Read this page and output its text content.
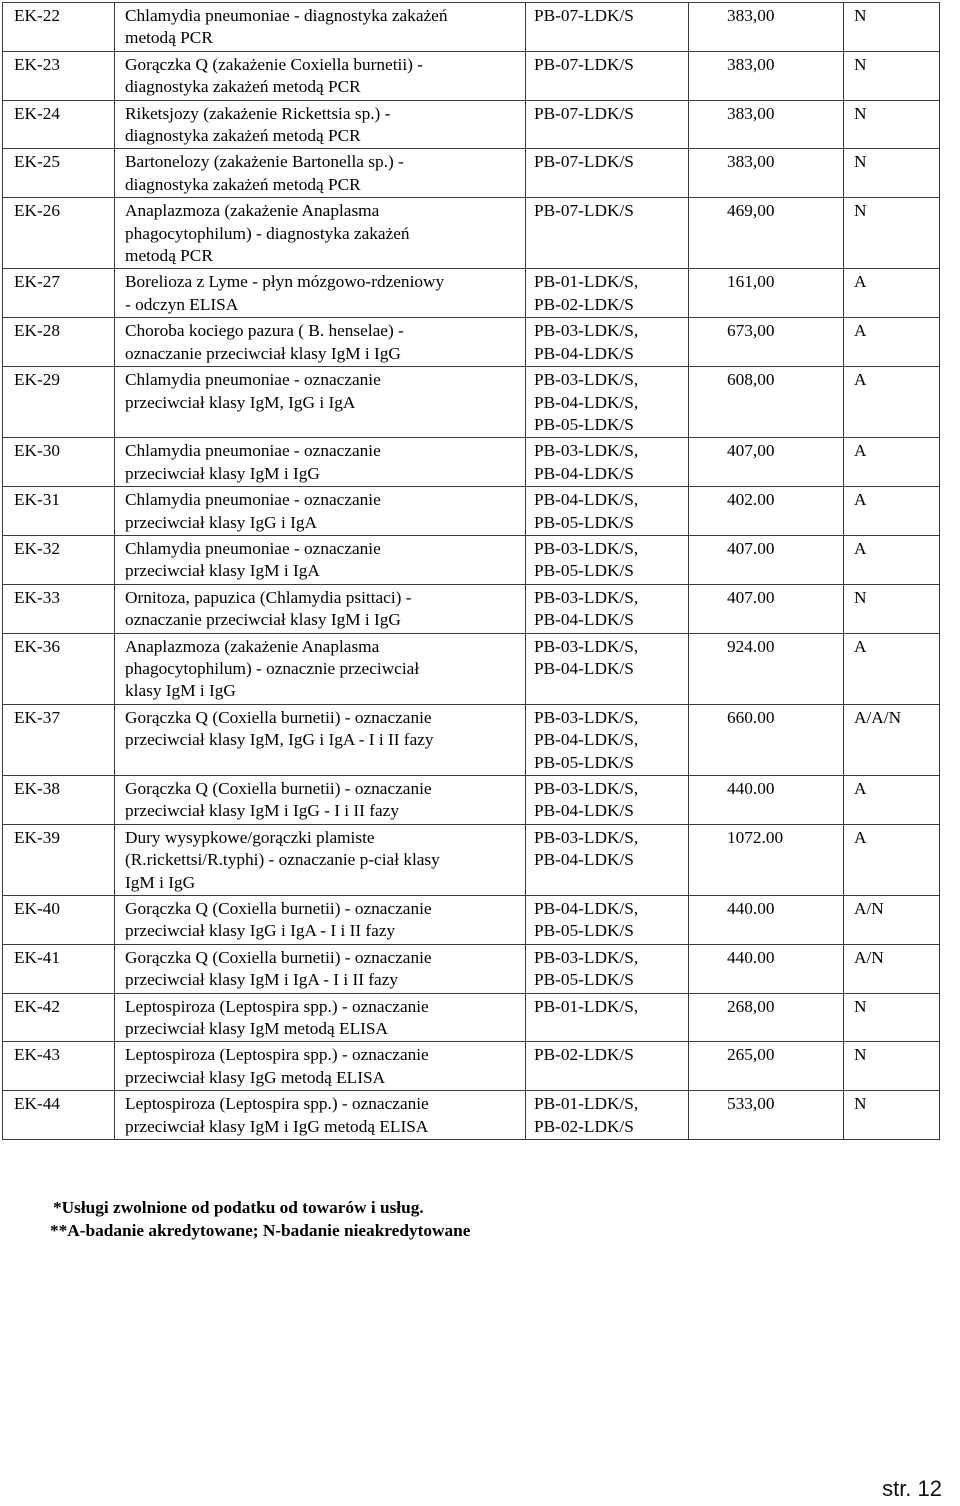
EK-22	Chlamydia pneumoniae - diagnostyka zakażeń
metodą PCR	PB-07-LDK/S	383,00	N
EK-23	Gorączka Q (zakażenie Coxiella burnetii) -
diagnostyka zakażeń metodą PCR	PB-07-LDK/S	383,00	N
EK-24	Riketsjozy (zakażenie Rickettsia sp.) -
diagnostyka zakażeń metodą PCR	PB-07-LDK/S	383,00	N
EK-25	Bartonelozy (zakażenie Bartonella sp.) -
diagnostyka zakażeń metodą PCR	PB-07-LDK/S	383,00	N
EK-26	Anaplazmoza (zakażenie Anaplasma
phagocytophilum) - diagnostyka zakażeń
metodą PCR	PB-07-LDK/S	469,00	N
EK-27	Borelioza z Lyme - płyn mózgowo-rdzeniowy
- odczyn ELISA	PB-01-LDK/S,
PB-02-LDK/S	161,00	A
EK-28	Choroba kociego pazura ( B. henselae) -
oznaczanie przeciwciał klasy IgM i IgG	PB-03-LDK/S,
PB-04-LDK/S	673,00	A
EK-29	Chlamydia pneumoniae - oznaczanie
przeciwciał klasy IgM, IgG i IgA	PB-03-LDK/S,
PB-04-LDK/S,
PB-05-LDK/S	608,00	A
EK-30	Chlamydia pneumoniae - oznaczanie
przeciwciał klasy IgM i IgG	PB-03-LDK/S,
PB-04-LDK/S	407,00	A
EK-31	Chlamydia pneumoniae - oznaczanie
przeciwciał klasy IgG i IgA	PB-04-LDK/S,
PB-05-LDK/S	402.00	A
EK-32	Chlamydia pneumoniae - oznaczanie
przeciwciał klasy IgM i IgA	PB-03-LDK/S,
PB-05-LDK/S	407.00	A
EK-33	Ornitoza, papuzica (Chlamydia psittaci) -
oznaczanie przeciwciał klasy IgM i IgG	PB-03-LDK/S,
PB-04-LDK/S	407.00	N
EK-36	Anaplazmoza (zakażenie Anaplasma
phagocytophilum) - oznacznie przeciwciał
klasy IgM i IgG	PB-03-LDK/S,
PB-04-LDK/S	924.00	A
EK-37	Gorączka Q (Coxiella burnetii) - oznaczanie
przeciwciał klasy IgM, IgG i IgA - I i II fazy	PB-03-LDK/S,
PB-04-LDK/S,
PB-05-LDK/S	660.00	A/A/N
EK-38	Gorączka Q (Coxiella burnetii) - oznaczanie
przeciwciał klasy IgM i IgG - I i II fazy	PB-03-LDK/S,
PB-04-LDK/S	440.00	A
EK-39	Dury wysypkowe/gorączki plamiste
(R.rickettsi/R.typhi) - oznaczanie p-ciał klasy
IgM i IgG	PB-03-LDK/S,
PB-04-LDK/S	1072.00	A
EK-40	Gorączka Q (Coxiella burnetii) - oznaczanie
przeciwciał klasy IgG i IgA - I i II fazy	PB-04-LDK/S,
PB-05-LDK/S	440.00	A/N
EK-41	Gorączka Q (Coxiella burnetii) - oznaczanie
przeciwciał klasy IgM i IgA - I i II fazy	PB-03-LDK/S,
PB-05-LDK/S	440.00	A/N
EK-42	Leptospiroza (Leptospira spp.) - oznaczanie
przeciwciał klasy IgM metodą ELISA	PB-01-LDK/S,	268,00	N
EK-43	Leptospiroza (Leptospira spp.) - oznaczanie
przeciwciał klasy IgG metodą ELISA	PB-02-LDK/S	265,00	N
EK-44	Leptospiroza (Leptospira spp.) - oznaczanie
przeciwciał klasy IgM i IgG metodą ELISA	PB-01-LDK/S,
PB-02-LDK/S	533,00	N
*Usługi zwolnione od podatku od towarów i usług.
**A-badanie akredytowane; N-badanie nieakredytowane
str. 12
